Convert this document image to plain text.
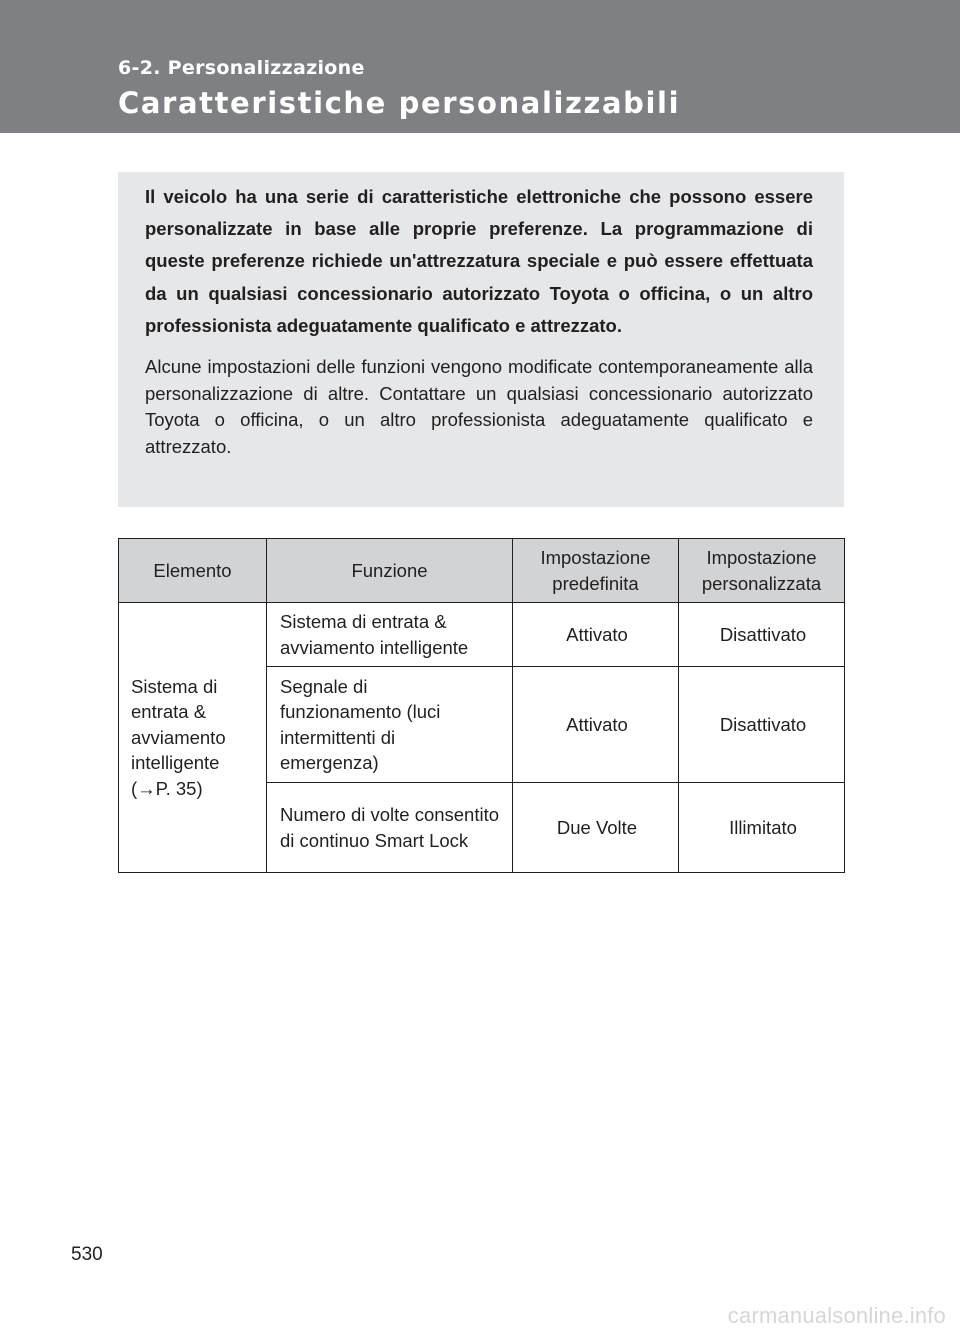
6-2. Personalizzazione
Caratteristiche personalizzabili

Il veicolo ha una serie di caratteristiche elettroniche che possono essere personalizzate in base alle proprie preferenze. La programmazione di queste preferenze richiede un'attrezzatura speciale e può essere effettuata da un qualsiasi concessionario autorizzato Toyota o officina, o un altro professionista adeguatamente qualificato e attrezzato.

Alcune impostazioni delle funzioni vengono modificate contemporaneamente alla personalizzazione di altre. Contattare un qualsiasi concessionario autorizzato Toyota o officina, o un altro professionista adeguatamente qualificato e attrezzato.

Elemento	Funzione	Impostazione predefinita	Impostazione personalizzata
Sistema di entrata & avviamento intelligente (→P. 35)	Sistema di entrata & avviamento intelligente	Attivato	Disattivato
	Segnale di funzionamento (luci intermittenti di emergenza)	Attivato	Disattivato
	Numero di volte consentito di continuo Smart Lock	Due Volte	Illimitato
530
carmanualsonline.info
